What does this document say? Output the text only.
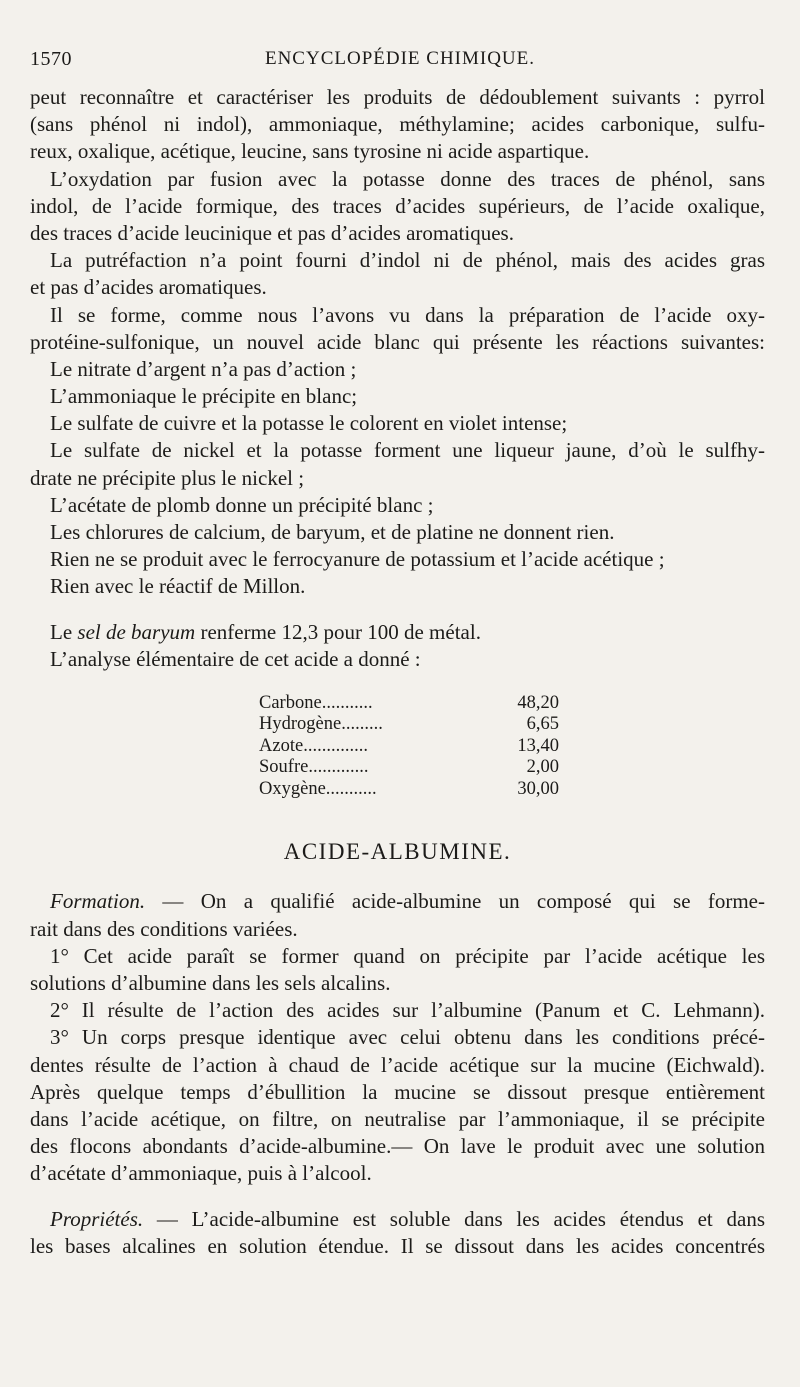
1570	ENCYCLOPÉDIE CHIMIQUE.
peut reconnaître et caractériser les produits de dédoublement suivants : pyrrol
(sans phénol ni indol), ammoniaque, méthylamine; acides carbonique, sulfu-
reux, oxalique, acétique, leucine, sans tyrosine ni acide aspartique.
L’oxydation par fusion avec la potasse donne des traces de phénol, sans
indol, de l’acide formique, des traces d’acides supérieurs, de l’acide oxalique,
des traces d’acide leucinique et pas d’acides aromatiques.
La putréfaction n’a point fourni d’indol ni de phénol, mais des acides gras
et pas d’acides aromatiques.
Il se forme, comme nous l’avons vu dans la préparation de l’acide oxy-
protéine-sulfonique, un nouvel acide blanc qui présente les réactions suivantes:
Le nitrate d’argent n’a pas d’action ;
L’ammoniaque le précipite en blanc;
Le sulfate de cuivre et la potasse le colorent en violet intense;
Le sulfate de nickel et la potasse forment une liqueur jaune, d’où le sulfhy-
drate ne précipite plus le nickel ;
L’acétate de plomb donne un précipité blanc ;
Les chlorures de calcium, de baryum, et de platine ne donnent rien.
Rien ne se produit avec le ferrocyanure de potassium et l’acide acétique ;
Rien avec le réactif de Millon.
Le sel de baryum renferme 12,3 pour 100 de métal.
L’analyse élémentaire de cet acide a donné :
Carbone...........	48,20
Hydrogène.........	6,65
Azote..............	13,40
Soufre.............	2,00
Oxygène...........	30,00
ACIDE-ALBUMINE.
Formation. — On a qualifié acide-albumine un composé qui se forme-
rait dans des conditions variées.
1° Cet acide paraît se former quand on précipite par l’acide acétique les
solutions d’albumine dans les sels alcalins.
2° Il résulte de l’action des acides sur l’albumine (Panum et C. Lehmann).
3° Un corps presque identique avec celui obtenu dans les conditions précé-
dentes résulte de l’action à chaud de l’acide acétique sur la mucine (Eichwald).
Après quelque temps d’ébullition la mucine se dissout presque entièrement
dans l’acide acétique, on filtre, on neutralise par l’ammoniaque, il se précipite
des flocons abondants d’acide-albumine.— On lave le produit avec une solution
d’acétate d’ammoniaque, puis à l’alcool.
Propriétés. — L’acide-albumine est soluble dans les acides étendus et dans
les bases alcalines en solution étendue. Il se dissout dans les acides concentrés
